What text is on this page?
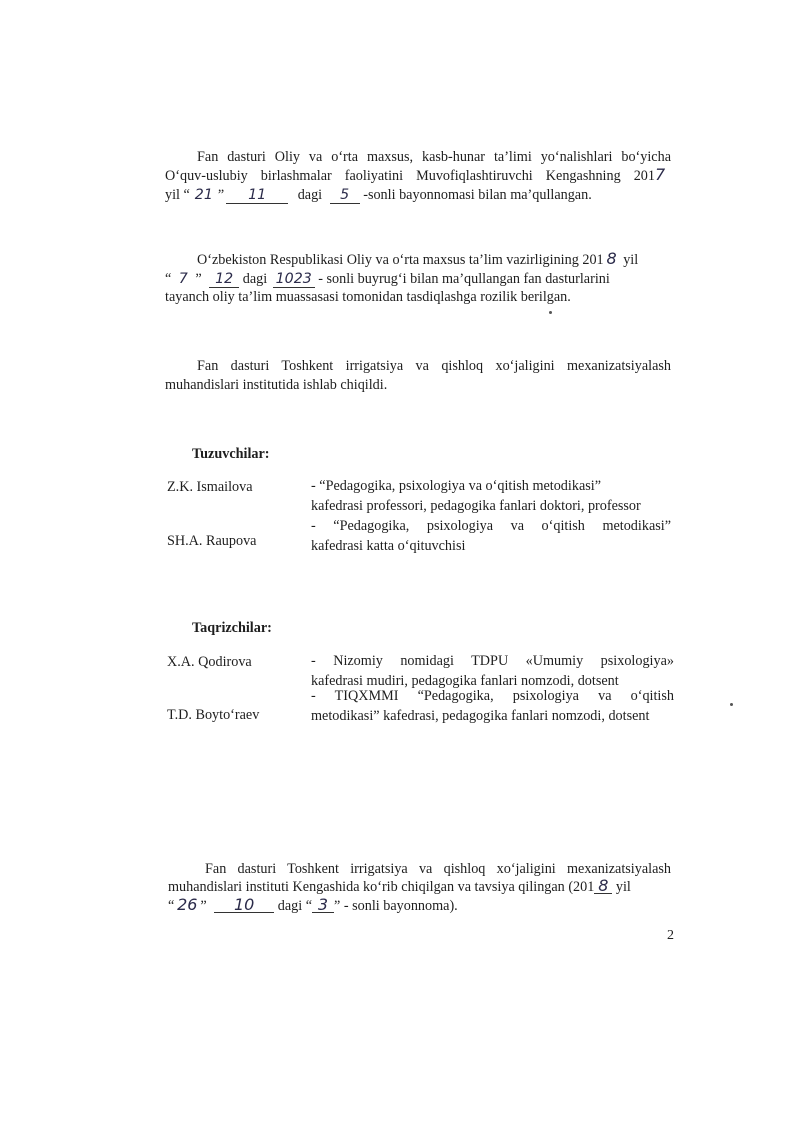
Fan dasturi Oliy va o‘rta maxsus, kasb-hunar ta’limi yo‘nalishlari bo‘yicha
O‘quv-uslubiy birlashmalar faoliyatini Muvofiqlashtiruvchi Kengashning 2017
yil “ 21 ” 11 dagi 5 -sonli bayonnomasi bilan ma’qullangan.
O‘zbekiston Respublikasi Oliy va o‘rta maxsus ta’lim vazirligining 201 8 yil
“ 7 ” 12 dagi 1023 - sonli buyrug‘i bilan ma’qullangan fan dasturlarini
tayanch oliy ta’lim muassasasi tomonidan tasdiqlashga rozilik berilgan.
Fan dasturi Toshkent irrigatsiya va qishloq xo‘jaligini mexanizatsiyalash
muhandislari institutida ishlab chiqildi.
Tuzuvchilar:
Z.K. Ismailova	- “Pedagogika, psixologiya va o‘qitish metodikasi”
kafedrasi professori, pedagogika fanlari doktori, professor
- “Pedagogika, psixologiya va o‘qitish metodikasi”
kafedrasi katta o‘qituvchisi
SH.A. Raupova
Taqrizchilar:
X.A. Qodirova	- Nizomiy nomidagi TDPU «Umumiy psixologiya»
kafedrasi mudiri, pedagogika fanlari nomzodi, dotsent
- TIQXMMI “Pedagogika, psixologiya va o‘qitish
metodikasi” kafedrasi, pedagogika fanlari nomzodi, dotsent
T.D. Boyto‘raev
Fan dasturi Toshkent irrigatsiya va qishloq xo‘jaligini mexanizatsiyalash
muhandislari instituti Kengashida ko‘rib chiqilgan va tavsiya qilingan (201 8 yil
“ 26 ” 10 dagi “ 3 ” - sonli bayonnoma).
2
